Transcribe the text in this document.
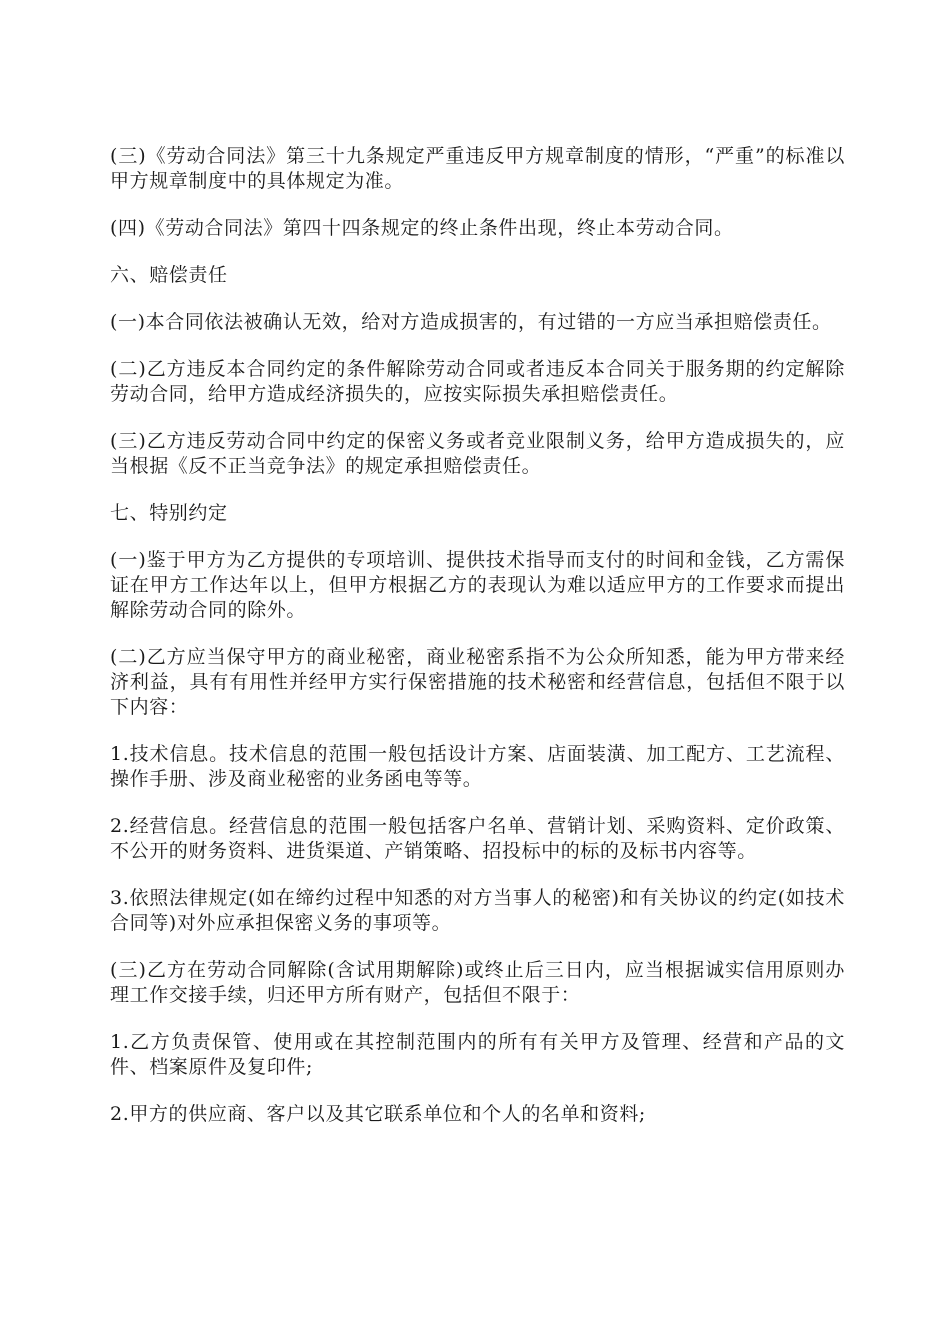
(三)《劳动合同法》第三十九条规定严重违反甲方规章制度的情形，“严重”的标准以甲方规章制度中的具体规定为准。

(四)《劳动合同法》第四十四条规定的终止条件出现，终止本劳动合同。

六、赔偿责任

(一)本合同依法被确认无效，给对方造成损害的，有过错的一方应当承担赔偿责任。

(二)乙方违反本合同约定的条件解除劳动合同或者违反本合同关于服务期的约定解除劳动合同，给甲方造成经济损失的，应按实际损失承担赔偿责任。

(三)乙方违反劳动合同中约定的保密义务或者竞业限制义务，给甲方造成损失的，应当根据《反不正当竞争法》的规定承担赔偿责任。

七、特别约定

(一)鉴于甲方为乙方提供的专项培训、提供技术指导而支付的时间和金钱，乙方需保证在甲方工作达年以上，但甲方根据乙方的表现认为难以适应甲方的工作要求而提出解除劳动合同的除外。

(二)乙方应当保守甲方的商业秘密，商业秘密系指不为公众所知悉，能为甲方带来经济利益，具有有用性并经甲方实行保密措施的技术秘密和经营信息，包括但不限于以下内容：

1.技术信息。技术信息的范围一般包括设计方案、店面装潢、加工配方、工艺流程、操作手册、涉及商业秘密的业务函电等等。

2.经营信息。经营信息的范围一般包括客户名单、营销计划、采购资料、定价政策、不公开的财务资料、进货渠道、产销策略、招投标中的标的及标书内容等。

3.依照法律规定(如在缔约过程中知悉的对方当事人的秘密)和有关协议的约定(如技术合同等)对外应承担保密义务的事项等。

(三)乙方在劳动合同解除(含试用期解除)或终止后三日内，应当根据诚实信用原则办理工作交接手续，归还甲方所有财产，包括但不限于：

1.乙方负责保管、使用或在其控制范围内的所有有关甲方及管理、经营和产品的文件、档案原件及复印件;

2.甲方的供应商、客户以及其它联系单位和个人的名单和资料;
